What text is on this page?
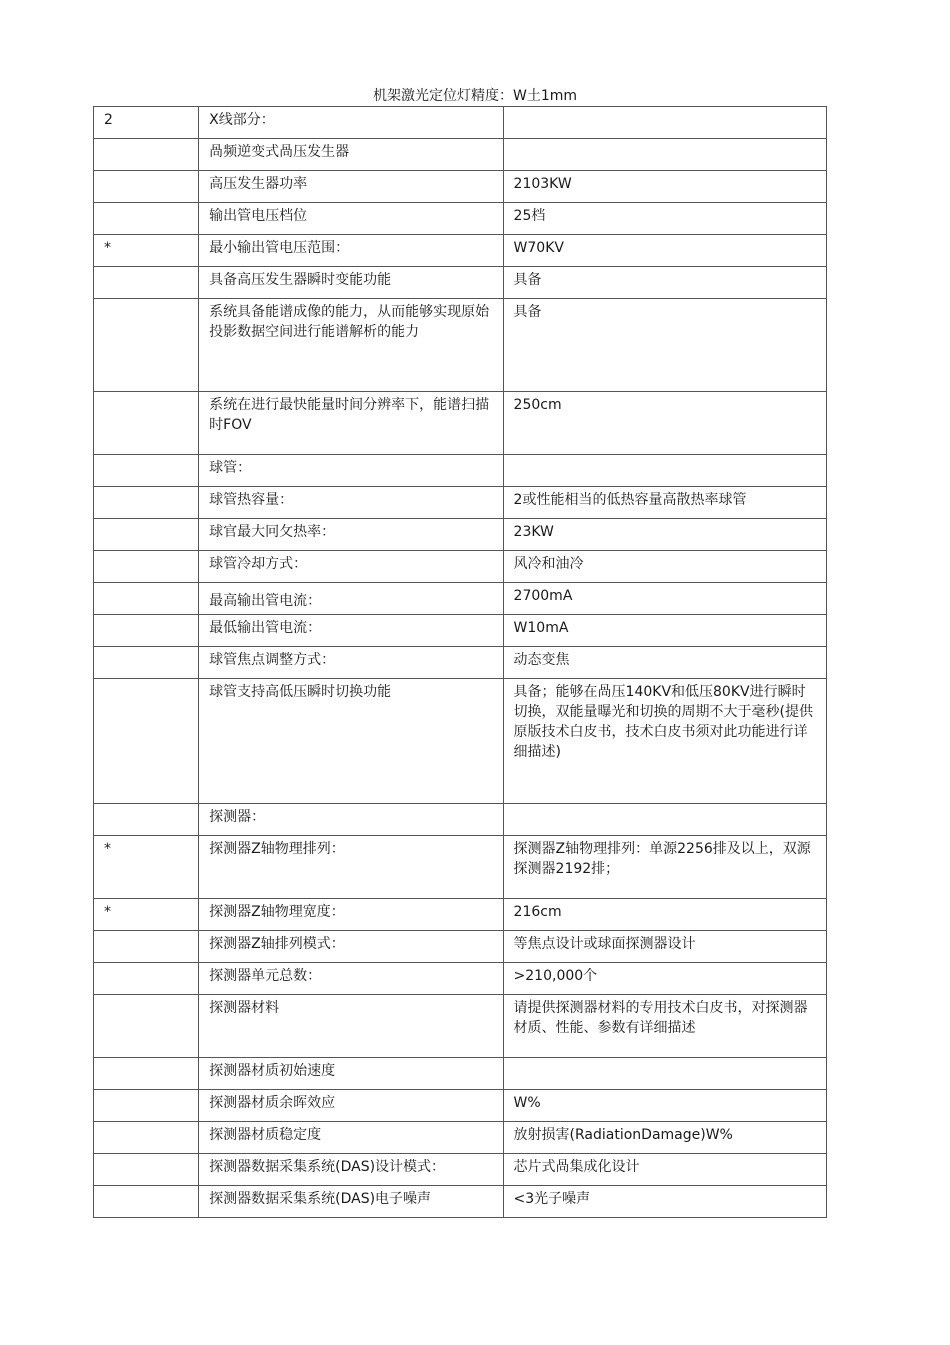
机架激光定位灯精度：W土1mm
2	X线部分：	
	咼频逆变式咼压发生器	
	高压发生器功率	2103KW
	输出管电压档位	25档
*	最小输出管电压范围：	W70KV
	具备高压发生器瞬时变能功能	具备
	系统具备能谱成像的能力，从而能够实现原始投影数据空间进行能谱解析的能力	具备
	系统在进行最快能量时间分辨率下，能谱扫描时FOV	250cm
	球管：	
	球管热容量：	2或性能相当的低热容量高散热率球管
	球官最大冋攵热率：	23KW
	球管冷却方式：	风冷和油冷
	最高输出管电流：	2700mA
	最低输出管电流：	W10mA
	球管焦点调整方式：	动态变焦
	球管支持高低压瞬时切换功能	具备；能够在咼压140KV和低压80KV进行瞬时切换，双能量曝光和切换的周期不大于毫秒(提供原版技术白皮书，技术白皮书须对此功能进行详细描述)
	探测器：	
*	探测器Z轴物理排列：	探测器Z轴物理排列：单源2256排及以上，双源探测器2192排；
*	探测器Z轴物理宽度：	216cm
	探测器Z轴排列模式：	等焦点设计或球面探测器设计
	探测器单元总数：	>210,000个
	探测器材料	请提供探测器材料的专用技术白皮书，对探测器材质、性能、参数有详细描述
	探测器材质初始速度	
	探测器材质余晖效应	W%
	探测器材质稳定度	放射损害(RadiationDamage)W%
	探测器数据采集系统(DAS)设计模式：	芯片式咼集成化设计
	探测器数据采集系统(DAS)电子噪声	<3光子噪声
